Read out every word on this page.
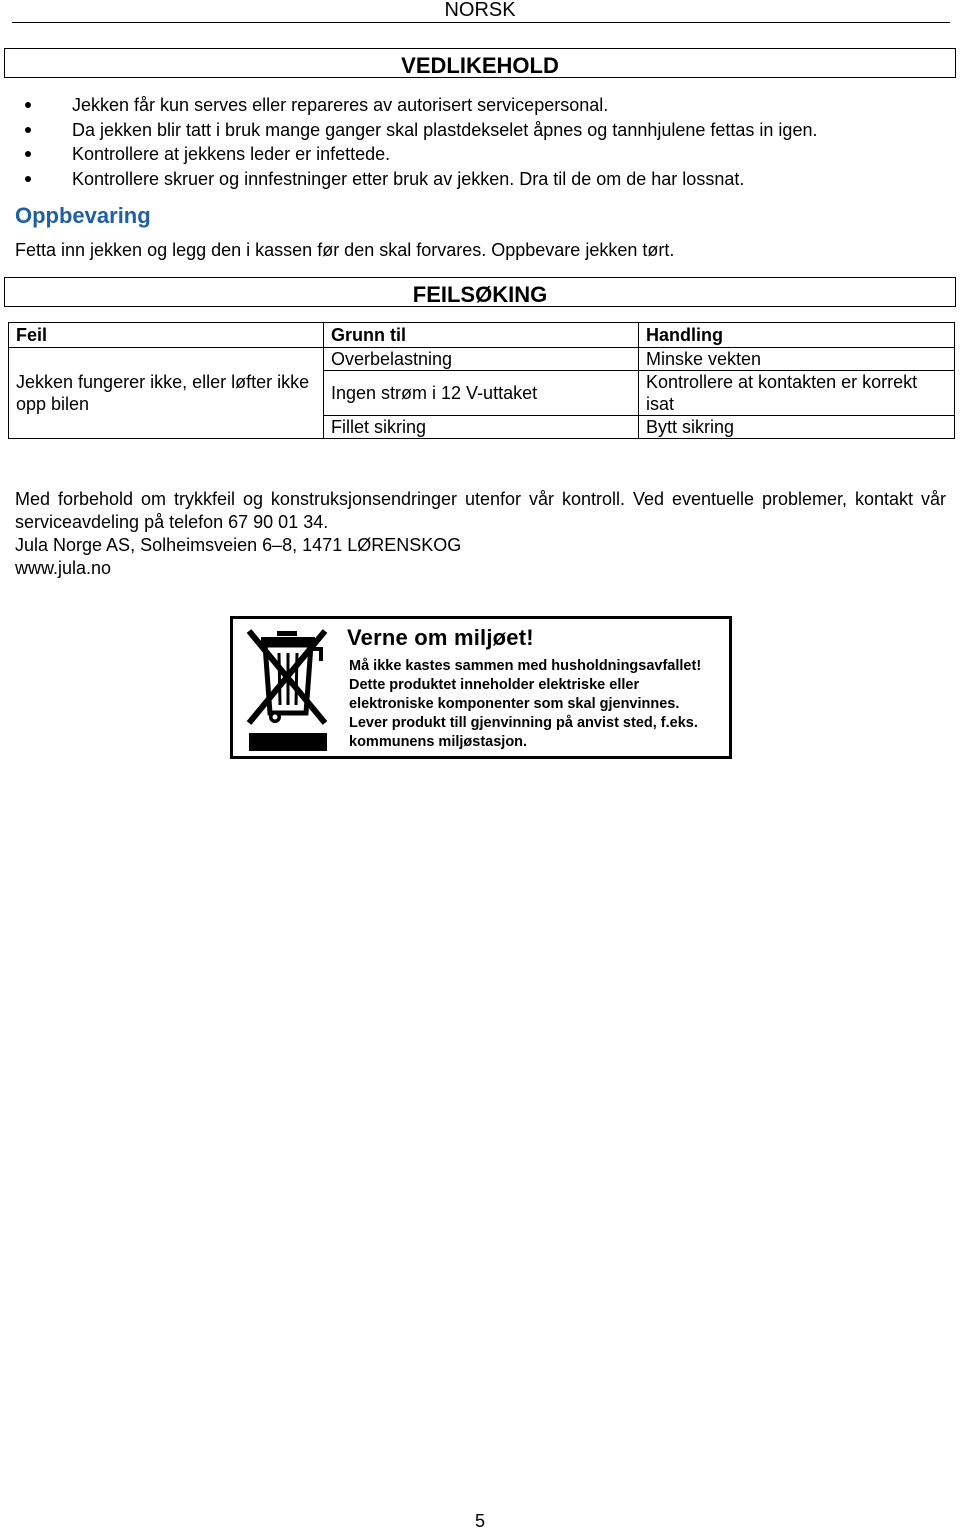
NORSK
VEDLIKEHOLD
Jekken får kun serves eller repareres av autorisert servicepersonal.
Da jekken blir tatt i bruk mange ganger skal plastdekselet åpnes og tannhjulene fettas in igen.
Kontrollere at jekkens leder er infettede.
Kontrollere skruer og innfestninger etter bruk av jekken. Dra til de om de har lossnat.
Oppbevaring
Fetta inn jekken og legg den i kassen før den skal forvares. Oppbevare jekken tørt.
FEILSØKING
Feil	Grunn til	Handling
Jekken fungerer ikke, eller løfter ikke opp bilen	Overbelastning	Minske vekten
	Ingen strøm i 12 V-uttaket	Kontrollere at kontakten er korrekt isat
	Fillet sikring	Bytt sikring

Med forbehold om trykkfeil og konstruksjonsendringer utenfor vår kontroll. Ved eventuelle problemer, kontakt vår serviceavdeling på telefon 67 90 01 34.

Jula Norge AS, Solheimsveien 6–8, 1471 LØRENSKOG

www.jula.no

Verne om miljøet!
Må ikke kastes sammen med husholdningsavfallet!
Dette produktet inneholder elektriske eller
elektroniske komponenter som skal gjenvinnes.
Lever produkt till gjenvinning på anvist sted, f.eks.
kommunens miljøstasjon.
5
